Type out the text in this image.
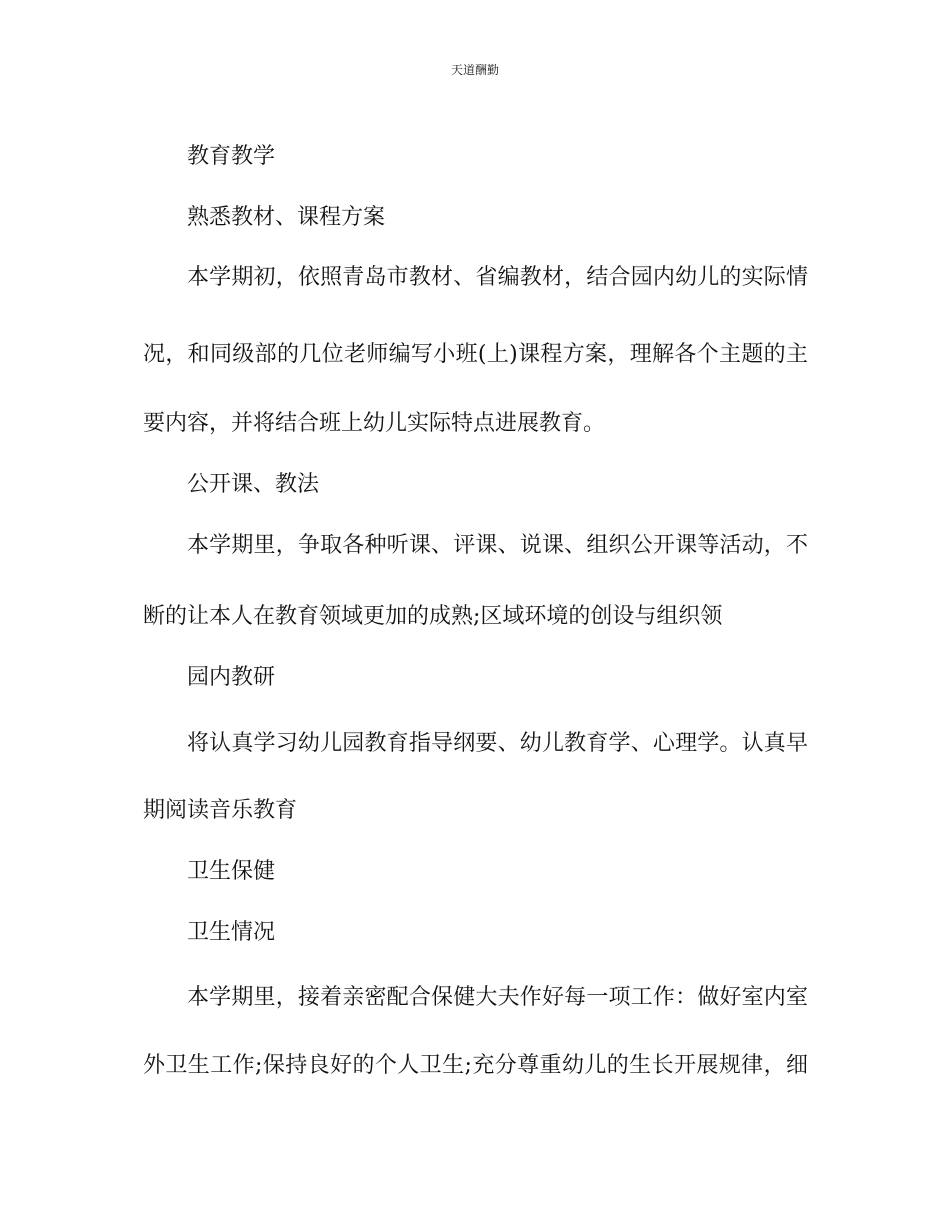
天道酬勤

教育教学

熟悉教材、课程方案

本学期初，依照青岛市教材、省编教材，结合园内幼儿的实际情

况，和同级部的几位老师编写小班(上)课程方案，理解各个主题的主

要内容，并将结合班上幼儿实际特点进展教育。

公开课、教法

本学期里，争取各种听课、评课、说课、组织公开课等活动，不

断的让本人在教育领域更加的成熟;区域环境的创设与组织领

园内教研

将认真学习幼儿园教育指导纲要、幼儿教育学、心理学。认真早

期阅读音乐教育

卫生保健

卫生情况

本学期里，接着亲密配合保健大夫作好每一项工作：做好室内室

外卫生工作;保持良好的个人卫生;充分尊重幼儿的生长开展规律，细
